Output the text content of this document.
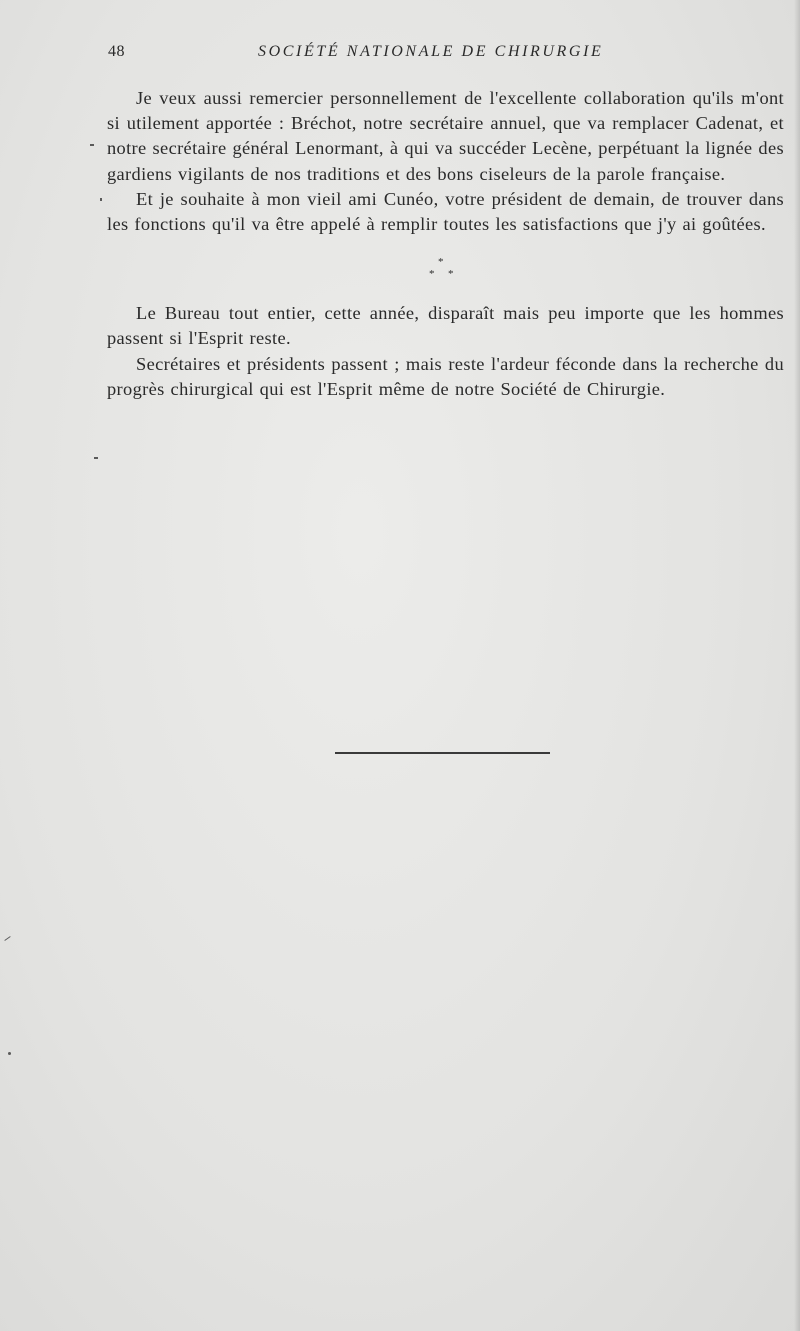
48	SOCIÉTÉ NATIONALE DE CHIRURGIE

Je veux aussi remercier personnellement de l'excellente collaboration qu'ils m'ont si utilement apportée : Bréchot, notre secrétaire annuel, que va remplacer Cadenat, et notre secrétaire général Lenormant, à qui va succéder Lecène, perpétuant la lignée des gardiens vigilants de nos traditions et des bons ciseleurs de la parole française.

Et je souhaite à mon vieil ami Cunéo, votre président de demain, de trouver dans les fonctions qu'il va être appelé à remplir toutes les satisfactions que j'y ai goûtées.

*
* *

Le Bureau tout entier, cette année, disparaît mais peu importe que les hommes passent si l'Esprit reste.

Secrétaires et présidents passent ; mais reste l'ardeur féconde dans la recherche du progrès chirurgical qui est l'Esprit même de notre Société de Chirurgie.
